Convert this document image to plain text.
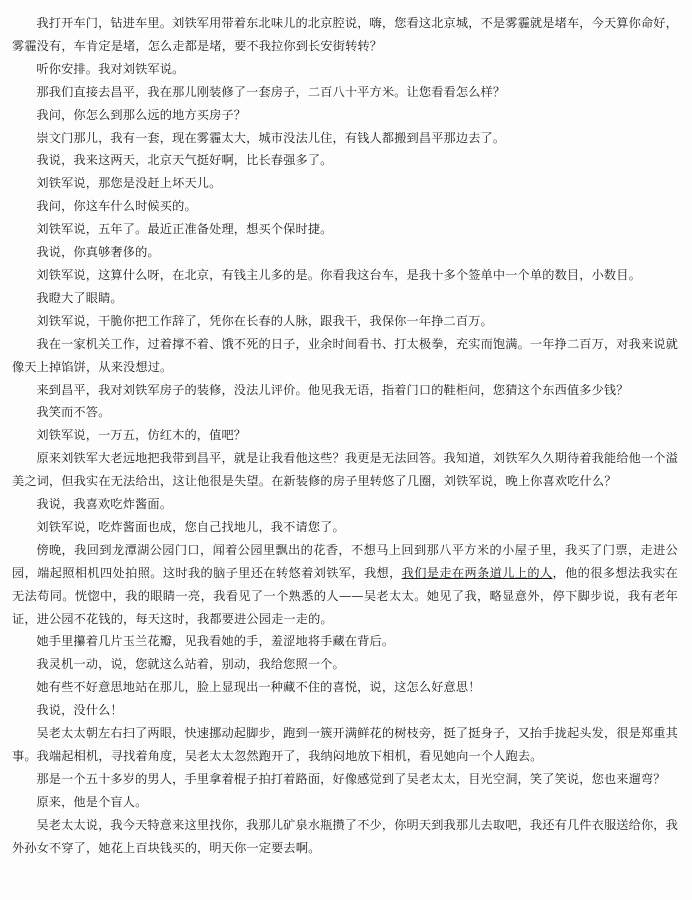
我打开车门，钻进车里。刘铁军用带着东北味儿的北京腔说，嗨，您看这北京城，不是雾霾就是堵车，今天算你命好，雾霾没有，车肯定是堵，怎么走都是堵，要不我拉你到长安街转转？

听你安排。我对刘铁军说。

那我们直接去昌平，我在那儿刚装修了一套房子，二百八十平方米。让您看看怎么样？

我问，你怎么到那么远的地方买房子？

崇文门那儿，我有一套，现在雾霾太大，城市没法儿住，有钱人都搬到昌平那边去了。

我说，我来这两天，北京天气挺好啊，比长春强多了。

刘铁军说，那您是没赶上坏天儿。

我问，你这车什么时候买的。

刘铁军说，五年了。最近正准备处理，想买个保时捷。

我说，你真够奢侈的。

刘铁军说，这算什么呀，在北京，有钱主儿多的是。你看我这台车，是我十多个签单中一个单的数目，小数目。

我瞪大了眼睛。

刘铁军说，干脆你把工作辞了，凭你在长春的人脉，跟我干，我保你一年挣二百万。

我在一家机关工作，过着撑不着、饿不死的日子，业余时间看书、打太极拳，充实而饱满。一年挣二百万，对我来说就像天上掉馅饼，从来没想过。

来到昌平，我对刘铁军房子的装修，没法儿评价。他见我无语，指着门口的鞋柜问，您猜这个东西值多少钱？

我笑而不答。

刘铁军说，一万五，仿红木的，值吧？

原来刘铁军大老远地把我带到昌平，就是让我看他这些？我更是无法回答。我知道，刘铁军久久期待着我能给他一个溢美之词，但我实在无法给出，这让他很是失望。在新装修的房子里转悠了几圈，刘铁军说，晚上你喜欢吃什么？

我说，我喜欢吃炸酱面。

刘铁军说，吃炸酱面也成，您自己找地儿，我不请您了。

傍晚，我回到龙潭湖公园门口，闻着公园里飘出的花香，不想马上回到那八平方米的小屋子里，我买了门票，走进公园，端起照相机四处拍照。这时我的脑子里还在转悠着刘铁军，我想，我们是走在两条道儿上的人，他的很多想法我实在无法苟同。恍惚中，我的眼睛一亮，我看见了一个熟悉的人——吴老太太。她见了我，略显意外，停下脚步说，我有老年证，进公园不花钱的，每天这时，我都要进公园走一走的。

她手里攥着几片玉兰花瓣，见我看她的手，羞涩地将手藏在背后。

我灵机一动，说，您就这么站着，别动，我给您照一个。

她有些不好意思地站在那儿，脸上显现出一种藏不住的喜悦，说，这怎么好意思！

我说，没什么！

吴老太太朝左右扫了两眼，快速挪动起脚步，跑到一簇开满鲜花的树枝旁，挺了挺身子，又抬手拢起头发，很是郑重其事。我端起相机，寻找着角度，吴老太太忽然跑开了，我纳闷地放下相机，看见她向一个人跑去。

那是一个五十多岁的男人，手里拿着棍子拍打着路面，好像感觉到了吴老太太，目光空洞，笑了笑说，您也来遛弯？

原来，他是个盲人。

吴老太太说，我今天特意来这里找你，我那儿矿泉水瓶攒了不少，你明天到我那儿去取吧，我还有几件衣服送给你，我外孙女不穿了，她花上百块钱买的，明天你一定要去啊。
